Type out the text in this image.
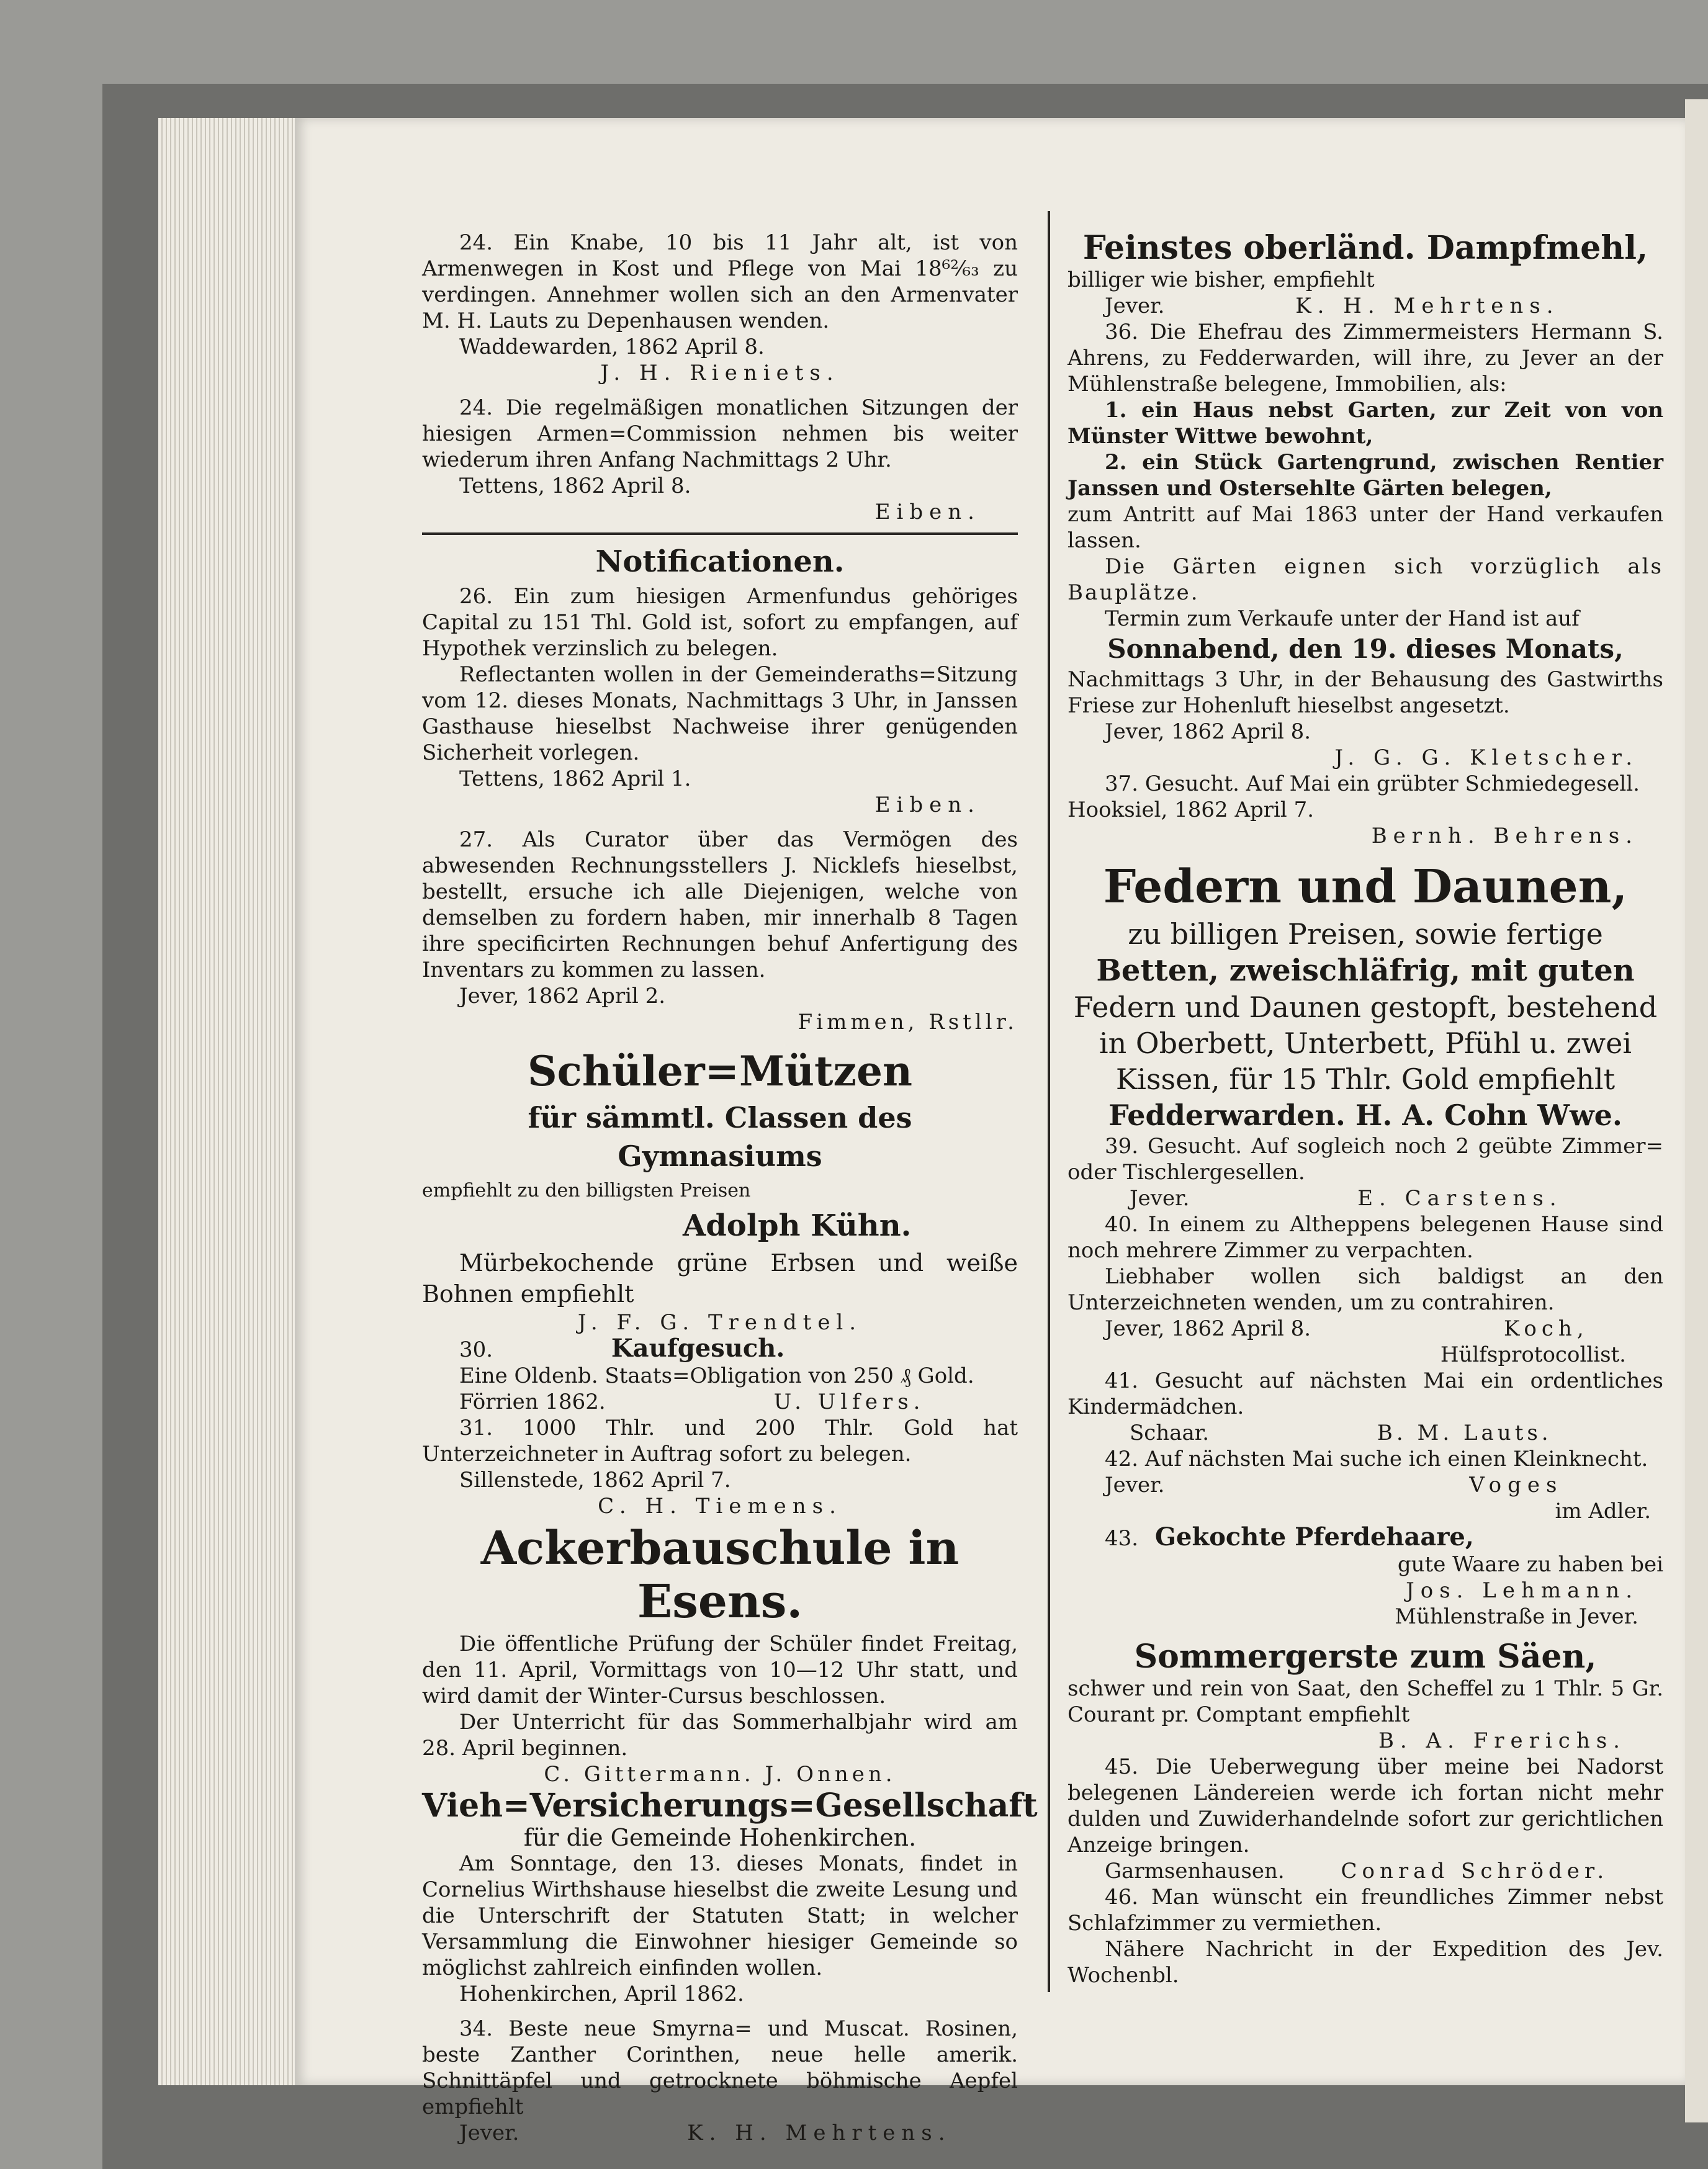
24. Ein Knabe, 10 bis 11 Jahr alt, ist von Armenwegen in Kost und Pflege von Mai 18⁶²⁄₆₃ zu verdingen. Annehmer wollen sich an den Armenvater M. H. Lauts zu Depenhausen wenden.

Waddewarden, 1862 April 8.

J. H. Rieniets.

24. Die regelmäßigen monatlichen Sitzungen der hiesigen Armen=Commission nehmen bis weiter wiederum ihren Anfang Nachmittags 2 Uhr.

Tettens, 1862 April 8.

Eiben.

Notificationen.

26. Ein zum hiesigen Armenfundus gehöriges Capital zu 151 Thl. Gold ist, sofort zu empfangen, auf Hypothek verzinslich zu belegen.

Reflectanten wollen in der Gemeinderaths=Sitzung vom 12. dieses Monats, Nachmittags 3 Uhr, in Janssen Gasthause hieselbst Nachweise ihrer genügenden Sicherheit vorlegen.

Tettens, 1862 April 1.

Eiben.

27. Als Curator über das Vermögen des abwesenden Rechnungsstellers J. Nicklefs hieselbst, bestellt, ersuche ich alle Diejenigen, welche von demselben zu fordern haben, mir innerhalb 8 Tagen ihre specificirten Rechnungen behuf Anfertigung des Inventars zu kommen zu lassen.

Jever, 1862 April 2.

Fimmen, Rstllr.

Schüler=Mützen

für sämmtl. Classen des Gymnasiums

empfiehlt zu den billigsten Preisen

Adolph Kühn.

Mürbekochende grüne Erbsen und weiße Bohnen empfiehlt

J. F. G. Trendtel.

30.	Kaufgesuch.

Eine Oldenb. Staats=Obligation von 250 ₰ Gold.

Förrien 1862.	U. Ulfers.

31. 1000 Thlr. und 200 Thlr. Gold hat Unterzeichneter in Auftrag sofort zu belegen.

Sillenstede, 1862 April 7.

C. H. Tiemens.

Ackerbauschule in Esens.

Die öffentliche Prüfung der Schüler findet Freitag, den 11. April, Vormittags von 10—12 Uhr statt, und wird damit der Winter-Cursus beschlossen.

Der Unterricht für das Sommerhalbjahr wird am 28. April beginnen.

C. Gittermann. J. Onnen.

Vieh=Versicherungs=Gesellschaft

für die Gemeinde Hohenkirchen.

Am Sonntage, den 13. dieses Monats, findet in Cornelius Wirthshause hieselbst die zweite Lesung und die Unterschrift der Statuten Statt; in welcher Versammlung die Einwohner hiesiger Gemeinde so möglichst zahlreich einfinden wollen.

Hohenkirchen, April 1862.

34. Beste neue Smyrna= und Muscat. Rosinen, beste Zanther Corinthen, neue helle amerik. Schnittäpfel und getrocknete böhmische Aepfel empfiehlt

Jever.	K. H. Mehrtens.

Feinstes oberländ. Dampfmehl,

billiger wie bisher, empfiehlt

Jever.	K. H. Mehrtens.

36. Die Ehefrau des Zimmermeisters Hermann S. Ahrens, zu Fedderwarden, will ihre, zu Jever an der Mühlenstraße belegene, Immobilien, als:

1. ein Haus nebst Garten, zur Zeit von von Münster Wittwe bewohnt,

2. ein Stück Gartengrund, zwischen Rentier Janssen und Ostersehlte Gärten belegen,

zum Antritt auf Mai 1863 unter der Hand verkaufen lassen.

Die Gärten eignen sich vorzüglich als Bauplätze.

Termin zum Verkaufe unter der Hand ist auf

Sonnabend, den 19. dieses Monats,

Nachmittags 3 Uhr, in der Behausung des Gastwirths Friese zur Hohenluft hieselbst angesetzt.

Jever, 1862 April 8.

J. G. G. Kletscher.

37. Gesucht. Auf Mai ein grübter Schmiedegesell.

Hooksiel, 1862 April 7.

Bernh. Behrens.

Federn und Daunen,

zu billigen Preisen, sowie fertige

Betten, zweischläfrig, mit guten

Federn und Daunen gestopft, bestehend

in Oberbett, Unterbett, Pfühl u. zwei

Kissen, für 15 Thlr. Gold empfiehlt

Fedderwarden. H. A. Cohn Wwe.

39. Gesucht. Auf sogleich noch 2 geübte Zimmer= oder Tischlergesellen.

Jever.	E. Carstens.

40. In einem zu Altheppens belegenen Hause sind noch mehrere Zimmer zu verpachten.

Liebhaber wollen sich baldigst an den Unterzeichneten wenden, um zu contrahiren.

Jever, 1862 April 8.	Koch,

Hülfsprotocollist.

41. Gesucht auf nächsten Mai ein ordentliches Kindermädchen.

Schaar.	B. M. Lauts.

42. Auf nächsten Mai suche ich einen Kleinknecht.

Jever.	Voges

im Adler.

43. Gekochte Pferdehaare,

gute Waare zu haben bei

Jos. Lehmann.

Mühlenstraße in Jever.

Sommergerste zum Säen,

schwer und rein von Saat, den Scheffel zu 1 Thlr. 5 Gr. Courant pr. Comptant empfiehlt

B. A. Frerichs.

45. Die Ueberwegung über meine bei Nadorst belegenen Ländereien werde ich fortan nicht mehr dulden und Zuwiderhandelnde sofort zur gerichtlichen Anzeige bringen.

Garmsenhausen.	Conrad Schröder.

46. Man wünscht ein freundliches Zimmer nebst Schlafzimmer zu vermiethen.

Nähere Nachricht in der Expedition des Jev. Wochenbl.
